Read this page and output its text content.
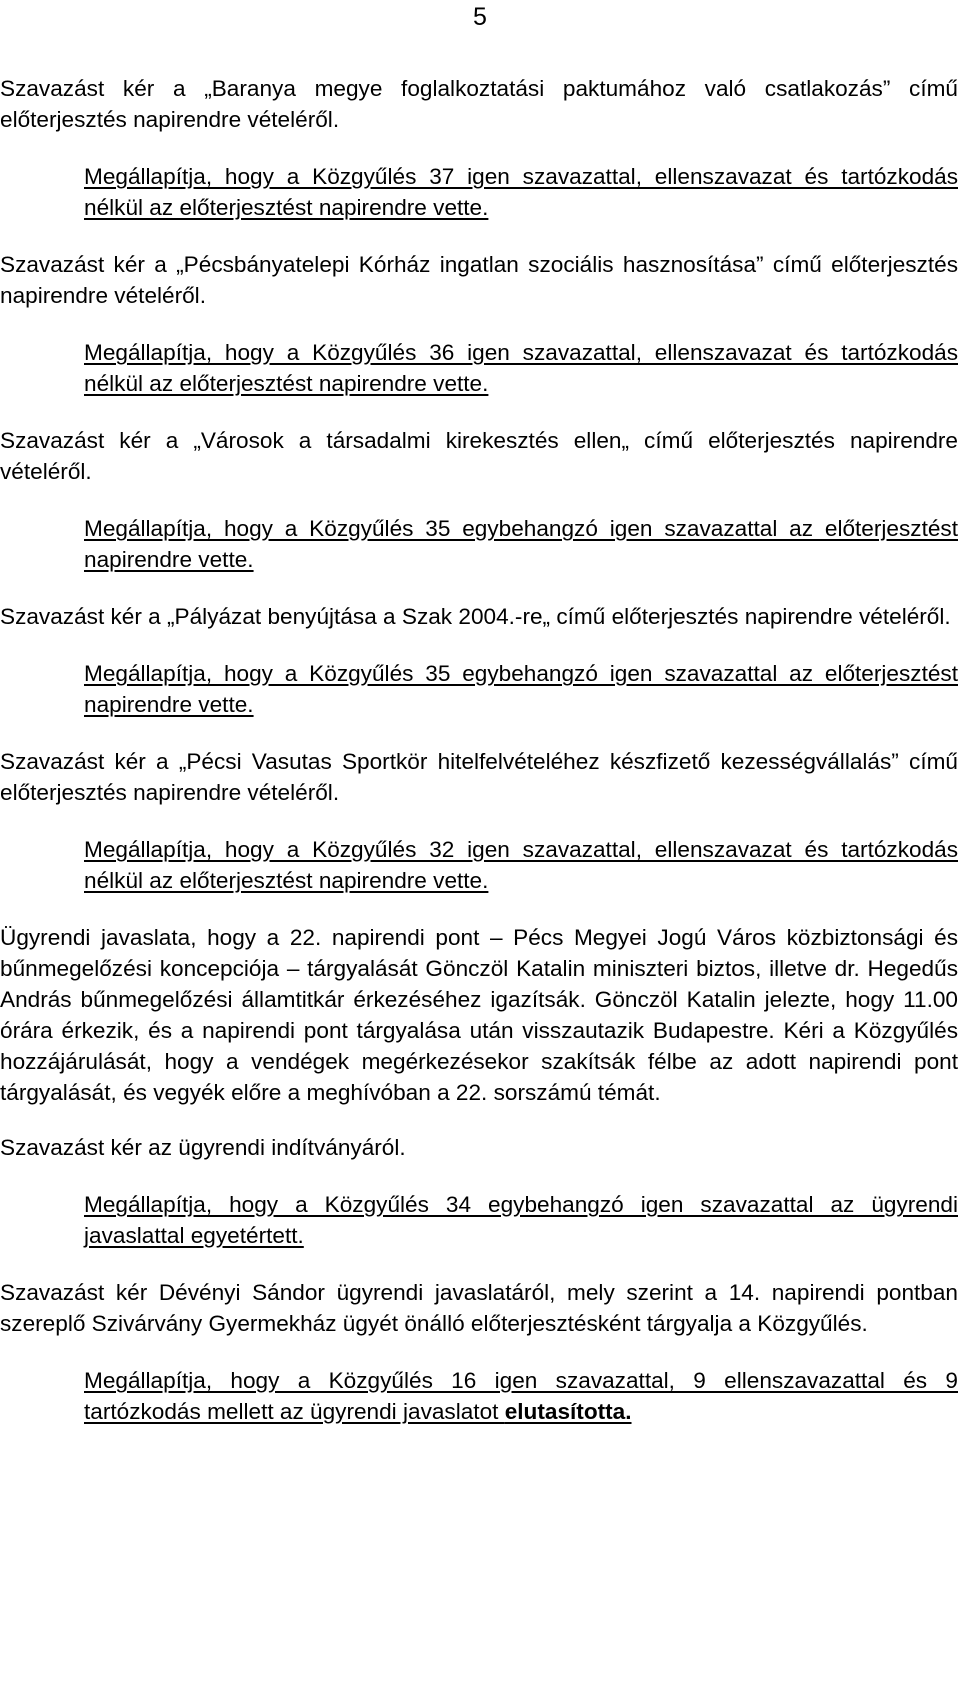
5

Szavazást kér a „Baranya megye foglalkoztatási paktumához való csatlakozás” című előterjesztés napirendre vételéről.

Megállapítja, hogy a Közgyűlés 37 igen szavazattal, ellenszavazat és tartózkodás nélkül az előterjesztést napirendre vette.

Szavazást kér a „Pécsbányatelepi Kórház ingatlan szociális hasznosítása” című előterjesztés napirendre vételéről.

Megállapítja, hogy a Közgyűlés 36 igen szavazattal, ellenszavazat és tartózkodás nélkül az előterjesztést napirendre vette.

Szavazást kér a „Városok a társadalmi kirekesztés ellen„ című előterjesztés napirendre vételéről.

Megállapítja, hogy a Közgyűlés 35 egybehangzó igen szavazattal az előterjesztést napirendre vette.

Szavazást kér a „Pályázat benyújtása a Szak 2004.-re„ című előterjesztés napirendre vételéről.

Megállapítja, hogy a Közgyűlés 35 egybehangzó igen szavazattal az előterjesztést napirendre vette.

Szavazást kér a „Pécsi Vasutas Sportkör hitelfelvételéhez készfizető kezességvállalás” című előterjesztés napirendre vételéről.

Megállapítja, hogy a Közgyűlés 32 igen szavazattal, ellenszavazat és tartózkodás nélkül az előterjesztést napirendre vette.

Ügyrendi javaslata, hogy a 22. napirendi pont – Pécs Megyei Jogú Város közbiztonsági és bűnmegelőzési koncepciója – tárgyalását Gönczöl Katalin miniszteri biztos, illetve dr. Hegedűs András bűnmegelőzési államtitkár érkezéséhez igazítsák. Gönczöl Katalin jelezte, hogy 11.00 órára érkezik, és a napirendi pont tárgyalása után visszautazik Budapestre. Kéri a Közgyűlés hozzájárulását, hogy a vendégek megérkezésekor szakítsák félbe az adott napirendi pont tárgyalását, és vegyék előre a meghívóban a 22. sorszámú témát.

Szavazást kér az ügyrendi indítványáról.

Megállapítja, hogy a Közgyűlés 34 egybehangzó igen szavazattal az ügyrendi javaslattal egyetértett.

Szavazást kér Dévényi Sándor ügyrendi javaslatáról, mely szerint a 14. napirendi pontban szereplő Szivárvány Gyermekház ügyét önálló előterjesztésként tárgyalja a Közgyűlés.

Megállapítja, hogy a Közgyűlés 16 igen szavazattal, 9 ellenszavazattal és 9 tartózkodás mellett az ügyrendi javaslatot elutasította.
